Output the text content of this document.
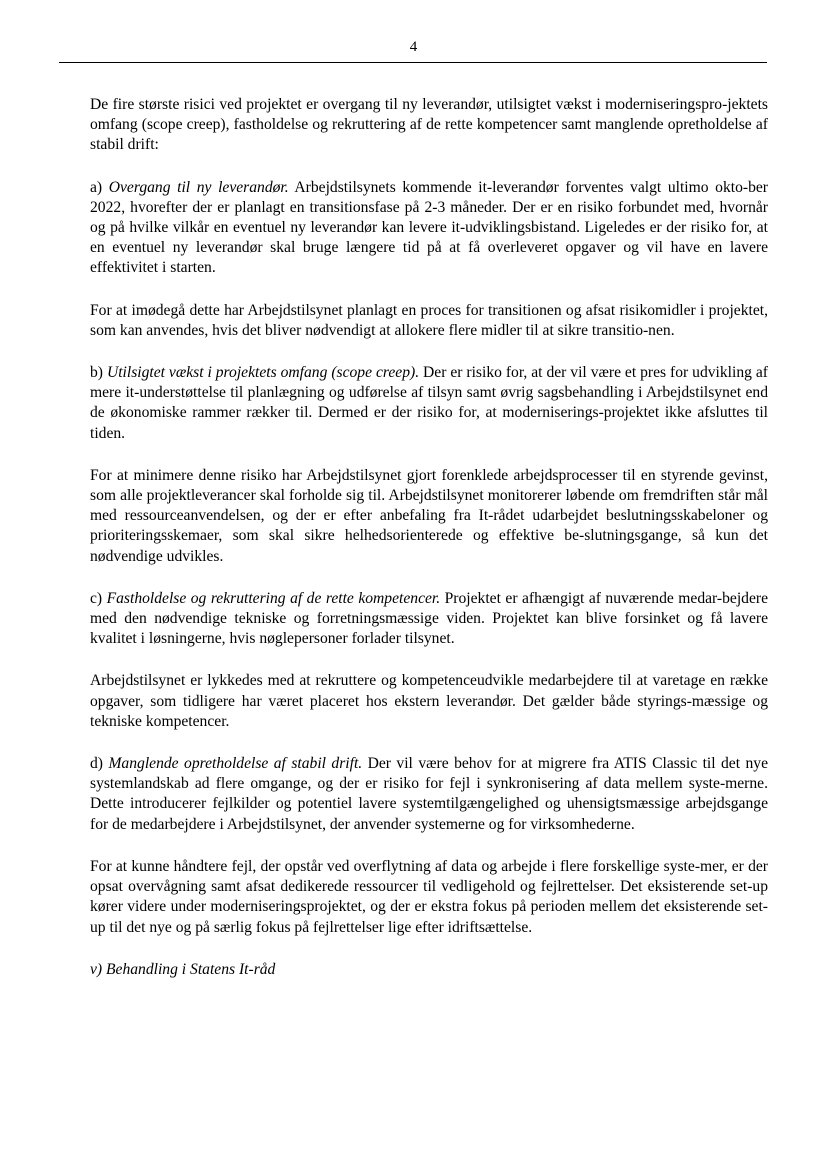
4

De fire største risici ved projektet er overgang til ny leverandør, utilsigtet vækst i moderniseringspro-jektets omfang (scope creep), fastholdelse og rekruttering af de rette kompetencer samt manglende opretholdelse af stabil drift:

a) Overgang til ny leverandør. Arbejdstilsynets kommende it-leverandør forventes valgt ultimo okto-ber 2022, hvorefter der er planlagt en transitionsfase på 2-3 måneder. Der er en risiko forbundet med, hvornår og på hvilke vilkår en eventuel ny leverandør kan levere it-udviklingsbistand. Ligeledes er der risiko for, at en eventuel ny leverandør skal bruge længere tid på at få overleveret opgaver og vil have en lavere effektivitet i starten.

For at imødegå dette har Arbejdstilsynet planlagt en proces for transitionen og afsat risikomidler i projektet, som kan anvendes, hvis det bliver nødvendigt at allokere flere midler til at sikre transitio-nen.

b) Utilsigtet vækst i projektets omfang (scope creep). Der er risiko for, at der vil være et pres for udvikling af mere it-understøttelse til planlægning og udførelse af tilsyn samt øvrig sagsbehandling i Arbejdstilsynet end de økonomiske rammer rækker til. Dermed er der risiko for, at moderniserings-projektet ikke afsluttes til tiden.

For at minimere denne risiko har Arbejdstilsynet gjort forenklede arbejdsprocesser til en styrende gevinst, som alle projektleverancer skal forholde sig til. Arbejdstilsynet monitorerer løbende om fremdriften står mål med ressourceanvendelsen, og der er efter anbefaling fra It-rådet udarbejdet beslutningsskabeloner og prioriteringsskemaer, som skal sikre helhedsorienterede og effektive be-slutningsgange, så kun det nødvendige udvikles.

c) Fastholdelse og rekruttering af de rette kompetencer. Projektet er afhængigt af nuværende medar-bejdere med den nødvendige tekniske og forretningsmæssige viden. Projektet kan blive forsinket og få lavere kvalitet i løsningerne, hvis nøglepersoner forlader tilsynet.

Arbejdstilsynet er lykkedes med at rekruttere og kompetenceudvikle medarbejdere til at varetage en række opgaver, som tidligere har været placeret hos ekstern leverandør. Det gælder både styrings-mæssige og tekniske kompetencer.

d) Manglende opretholdelse af stabil drift. Der vil være behov for at migrere fra ATIS Classic til det nye systemlandskab ad flere omgange, og der er risiko for fejl i synkronisering af data mellem syste-merne. Dette introducerer fejlkilder og potentiel lavere systemtilgængelighed og uhensigtsmæssige arbejdsgange for de medarbejdere i Arbejdstilsynet, der anvender systemerne og for virksomhederne.

For at kunne håndtere fejl, der opstår ved overflytning af data og arbejde i flere forskellige syste-mer, er der opsat overvågning samt afsat dedikerede ressourcer til vedligehold og fejlrettelser. Det eksisterende set-up kører videre under moderniseringsprojektet, og der er ekstra fokus på perioden mellem det eksisterende set-up til det nye og på særlig fokus på fejlrettelser lige efter idriftsættelse.

v) Behandling i Statens It-råd
